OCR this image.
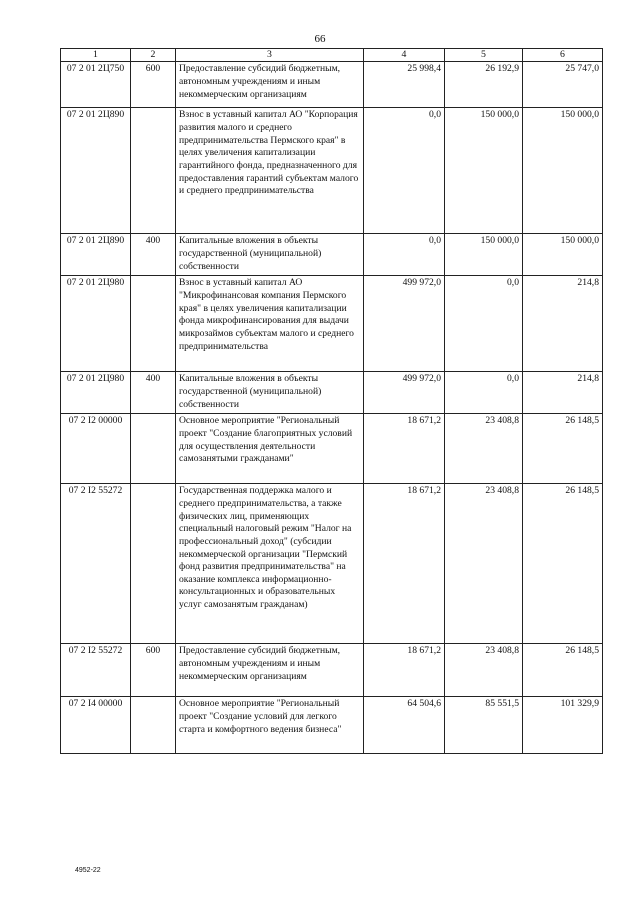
66
1	2	3	4	5	6
07 2 01 2Ц750	600	Предоставление субсидий бюджетным, автономным учреждениям и иным некоммерческим организациям	25 998,4	26 192,9	25 747,0
07 2 01 2Ц890		Взнос в уставный капитал АО "Корпорация развития малого и среднего предпринимательства Пермского края" в целях увеличения капитализации гарантийного фонда, предназначенного для предоставления гарантий субъектам малого и среднего предпринимательства	0,0	150 000,0	150 000,0
07 2 01 2Ц890	400	Капитальные вложения в объекты государственной (муниципальной) собственности	0,0	150 000,0	150 000,0
07 2 01 2Ц980		Взнос в уставный капитал АО "Микрофинансовая компания Пермского края" в целях увеличения капитализации фонда микрофинансирования для выдачи микрозаймов субъектам малого и среднего предпринимательства	499 972,0	0,0	214,8
07 2 01 2Ц980	400	Капитальные вложения в объекты государственной (муниципальной) собственности	499 972,0	0,0	214,8
07 2 I2 00000		Основное мероприятие "Региональный проект "Создание благоприятных условий для осуществления деятельности самозанятыми гражданами"	18 671,2	23 408,8	26 148,5
07 2 I2 55272		Государственная поддержка малого и среднего предпринимательства, а также физических лиц, применяющих специальный налоговый режим "Налог на профессиональный доход" (субсидии некоммерческой организации "Пермский фонд развития предпринимательства" на оказание комплекса информационно-консультационных и образовательных услуг самозанятым гражданам)	18 671,2	23 408,8	26 148,5
07 2 I2 55272	600	Предоставление субсидий бюджетным, автономным учреждениям и иным некоммерческим организациям	18 671,2	23 408,8	26 148,5
07 2 I4 00000		Основное мероприятие "Региональный проект "Создание условий для легкого старта и комфортного ведения бизнеса"	64 504,6	85 551,5	101 329,9
4952-22
